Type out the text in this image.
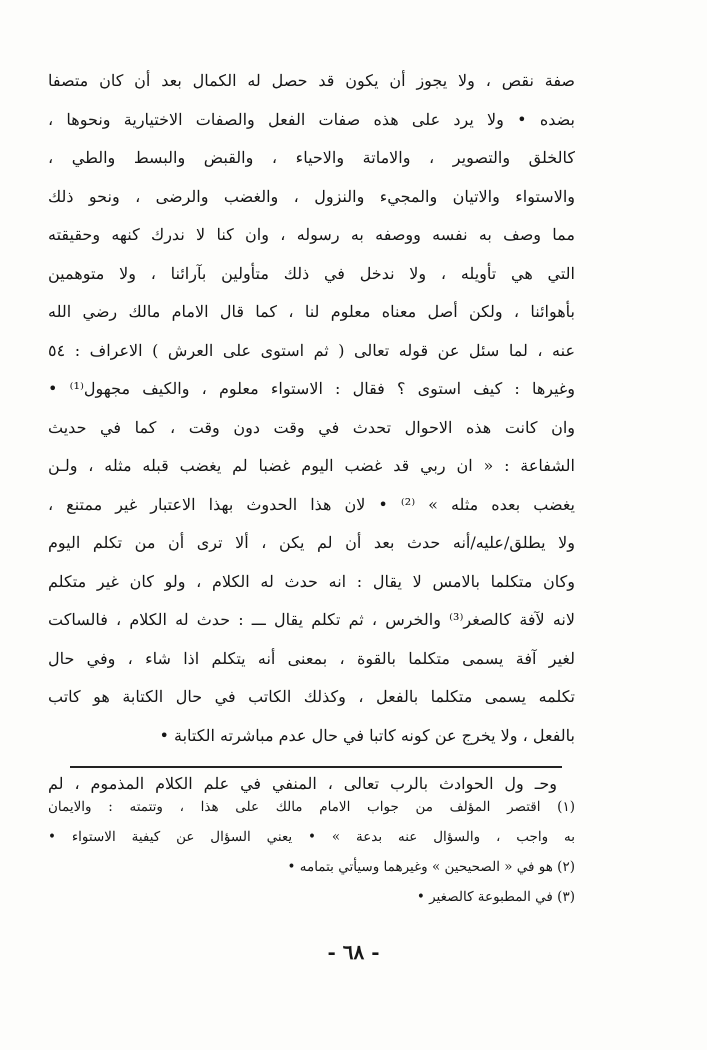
صفة نقص ، ولا يجوز أن يكون قد حصل له الكمال بعد أن كان متصفا
بضده • ولا يرد على هذه صفات الفعل والصفات الاختيارية ونحوها ،
كالخلق والتصوير ، والاماتة والاحياء ، والقبض والبسط والطي ،
والاستواء والاتيان والمجيء والنزول ، والغضب والرضى ، ونحو ذلك
مما وصف به نفسه ووصفه به رسوله ، وان كنا لا ندرك كنهه وحقيقته
التي هي تأويله ، ولا ندخل في ذلك متأولين بآرائنا ، ولا متوهمين
بأهوائنا ، ولكن أصل معناه معلوم لنا ، كما قال الامام مالك رضي الله
عنه ، لما سئل عن قوله تعالى ( ثم استوى على العرش ) الاعراف : ٥٤
وغيرها : كيف استوى ؟ فقال : الاستواء معلوم ، والكيف مجهول⁽¹⁾ •
وان كانت هذه الاحوال تحدث في وقت دون وقت ، كما في حديث
الشفاعة : « ان ربي قد غضب اليوم غضبا لم يغضب قبله مثله ، ولـن
يغضب بعده مثله » ⁽²⁾ • لان هذا الحدوث بهذا الاعتبار غير ممتنع ،
ولا يطلق/عليه/أنه حدث بعد أن لم يكن ، ألا ترى أن من تكلم اليوم
وكان متكلما بالامس لا يقال : انه حدث له الكلام ، ولو كان غير متكلم
لانه لآفة كالصغر⁽³⁾ والخرس ، ثم تكلم يقال ـــ : حدث له الكلام ، فالساكت
لغير آفة يسمى متكلما بالقوة ، بمعنى أنه يتكلم اذا شاء ، وفي حال
تكلمه يسمى متكلما بالفعل ، وكذلك الكاتب في حال الكتابة هو كاتب
بالفعل ، ولا يخرج عن كونه كاتبا في حال عدم مباشرته الكتابة •
وحـ ول الحوادث بالرب تعالى ، المنفي في علم الكلام المذموم ، لم
(١) اقتصر المؤلف من جواب الامام مالك على هذا ، وتتمته : والايمان
به واجب ، والسؤال عنه بدعة » • يعني السؤال عن كيفية الاستواء •
(٢) هو في « الصحيحين » وغيرهما وسيأتي بتمامه •
(٣) في المطبوعة كالصغير •
- ٦٨ -
